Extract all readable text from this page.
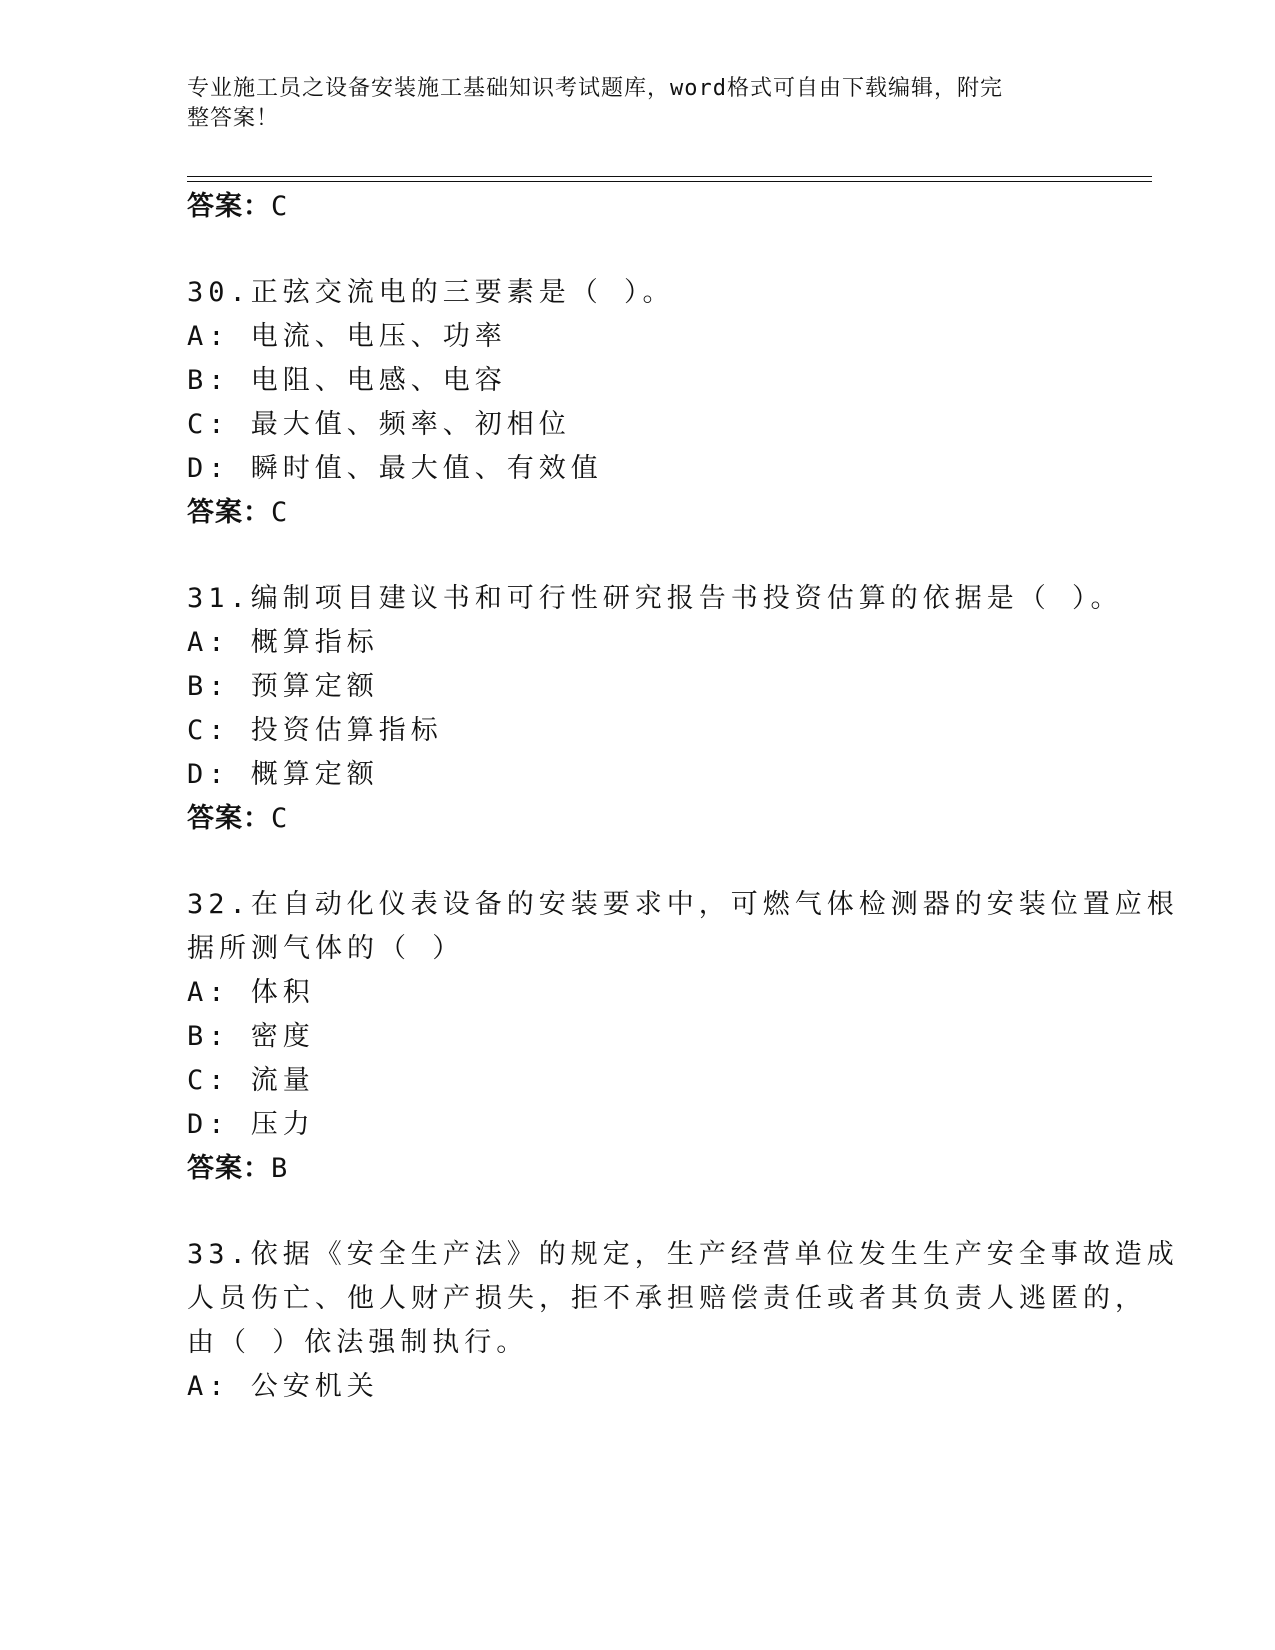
专业施工员之设备安装施工基础知识考试题库，word格式可自由下载编辑，附完
整答案！
答案：C
30.正弦交流电的三要素是（ ）。
A: 电流、电压、功率
B: 电阻、电感、电容
C: 最大值、频率、初相位
D: 瞬时值、最大值、有效值
答案：C
31.编制项目建议书和可行性研究报告书投资估算的依据是（ ）。
A: 概算指标
B: 预算定额
C: 投资估算指标
D: 概算定额
答案：C
32.在自动化仪表设备的安装要求中，可燃气体检测器的安装位置应根
据所测气体的（ ）
A: 体积
B: 密度
C: 流量
D: 压力
答案：B
33.依据《安全生产法》的规定，生产经营单位发生生产安全事故造成
人员伤亡、他人财产损失，拒不承担赔偿责任或者其负责人逃匿的，
由（ ）依法强制执行。
A: 公安机关
